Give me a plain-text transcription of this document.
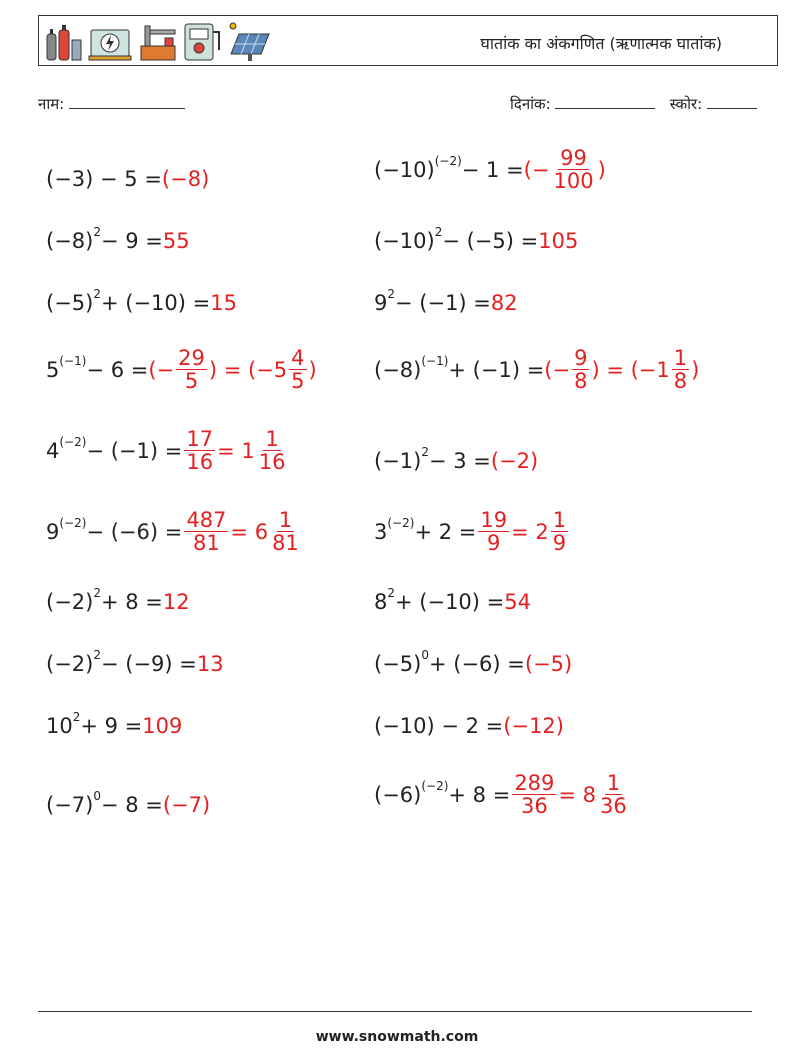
घातांक का अंकगणित (ऋणात्मक घातांक)
नाम:	दिनांक:	स्कोर:
(−3) − 5 = (−8)
$(-8)^2 - 9 = 55$
$(-5)^2 + (-10) = 15$
$5^{(-1)} - 6$ = (− $\frac{29}{5}$ ) = ($-5 \frac{4}{5}$ )
$4^{(-2)} - (-1) = \frac{17}{16} = 1 \frac{1}{16}$
$9^{(-2)} - (-6) = \frac{487}{81} = 6 \frac{1}{81}$
$(-2)^2 + 8 = 12$
$(-2)^2 - (-9) = 13$
$10^2 + 9 = 109$
$(-7)^0 - 8 = (-7)$
$(-10)^{(-2)} - 1$ = (− $\frac{99}{100}$ )
$(-10)^2 - (-5) = 105$
$9^2 - (-1) = 82$
$(-8)^{(-1)} + (-1)$ = (− $\frac{9}{8}$ ) = ($-1 \frac{1}{8}$ )
$(-1)^2 - 3 = (-2)$
$3^{(-2)} + 2 = \frac{19}{9} = 2 \frac{1}{9}$
$8^2 + (-10) = 54$
$(-5)^0 + (-6) = (-5)$
(−10) − 2 = (−12)
$(-6)^{(-2)} + 8 = \frac{289}{36} = 8 \frac{1}{36}$
www.snowmath.com
